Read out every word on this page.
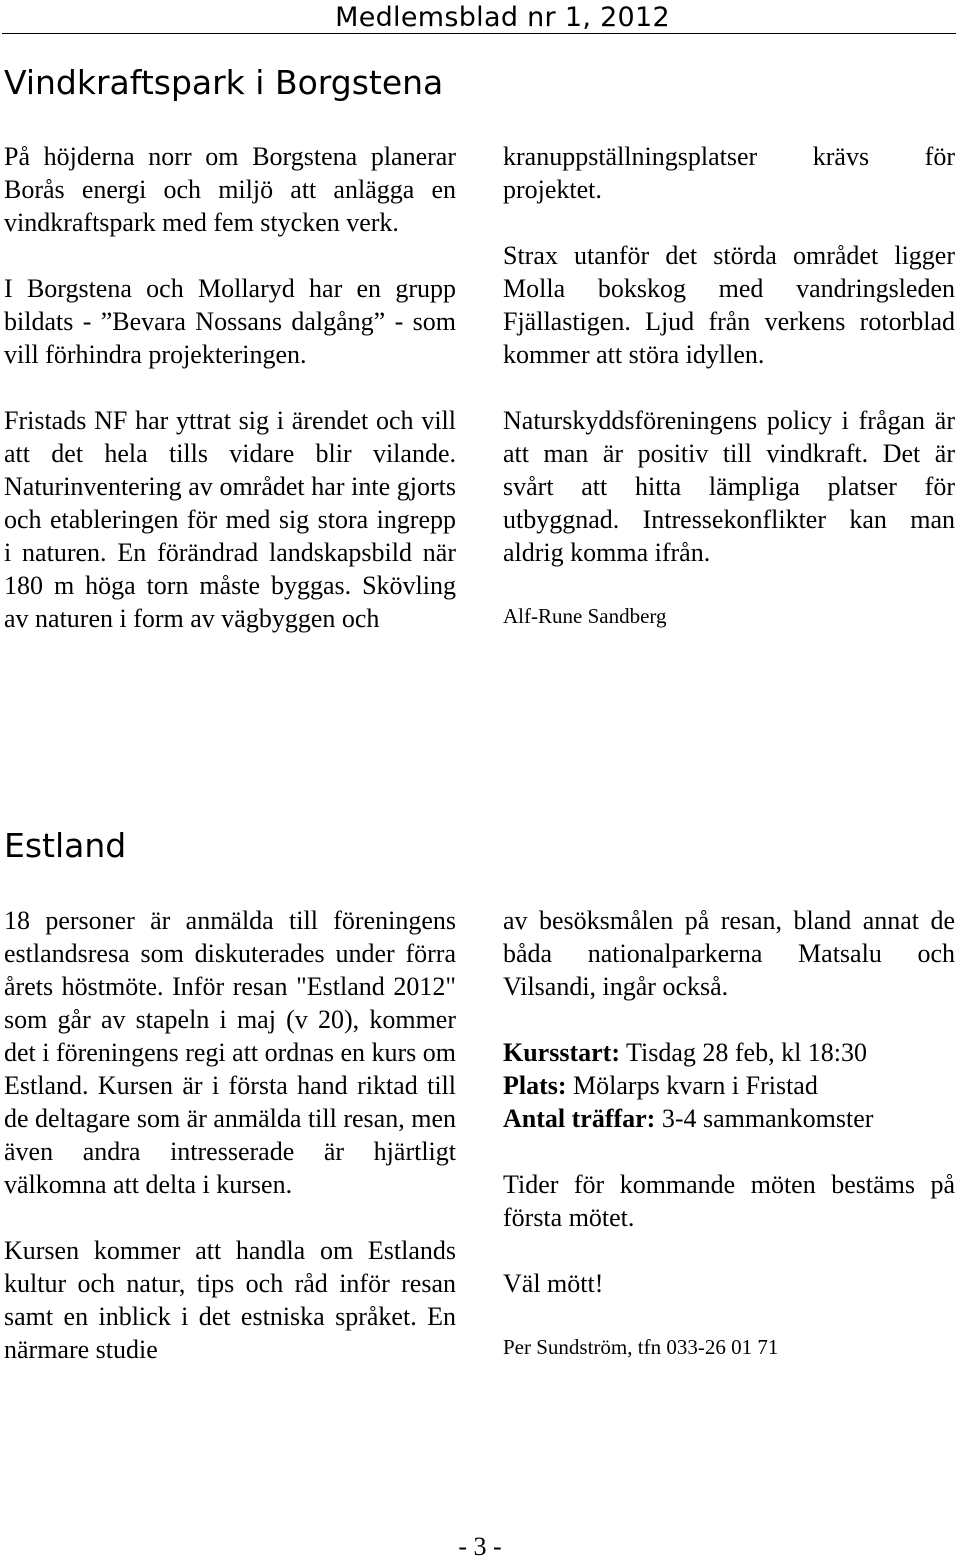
Medlemsblad nr 1, 2012
Vindkraftspark i Borgstena

På höjderna norr om Borgstena planerar Borås energi och miljö att anlägga en vindkraftspark med fem stycken verk.

I Borgstena och Mollaryd har en grupp bildats - ”Bevara Nossans dalgång” - som vill förhindra projekteringen.

Fristads NF har yttrat sig i ärendet och vill att det hela tills vidare blir vilande. Naturinventering av området har inte gjorts och etableringen för med sig stora ingrepp i naturen. En förändrad landskapsbild när 180 m höga torn måste byggas. Skövling av naturen i form av vägbyggen och

kranuppställningsplatser krävs för projektet.

Strax utanför det störda området ligger Molla bokskog med vandringsleden Fjällastigen. Ljud från verkens rotorblad kommer att störa idyllen.

Naturskyddsföreningens policy i frågan är att man är positiv till vindkraft. Det är svårt att hitta lämpliga platser för utbyggnad. Intressekonflikter kan man aldrig komma ifrån.

Alf-Rune Sandberg

Estland

18 personer är anmälda till föreningens estlandsresa som diskuterades under förra årets höstmöte. Inför resan "Estland 2012" som går av stapeln i maj (v 20), kommer det i föreningens regi att ordnas en kurs om Estland. Kursen är i första hand riktad till de deltagare som är anmälda till resan, men även andra intresserade är hjärtligt välkomna att delta i kursen.

Kursen kommer att handla om Estlands kultur och natur, tips och råd inför resan samt en inblick i det estniska språket. En närmare studie

av besöksmålen på resan, bland annat de båda nationalparkerna Matsalu och Vilsandi, ingår också.

Kursstart: Tisdag 28 feb, kl 18:30
Plats: Mölarps kvarn i Fristad
Antal träffar: 3-4 sammankomster

Tider för kommande möten bestäms på första mötet.

Väl mött!

Per Sundström, tfn 033-26 01 71

- 3 -
